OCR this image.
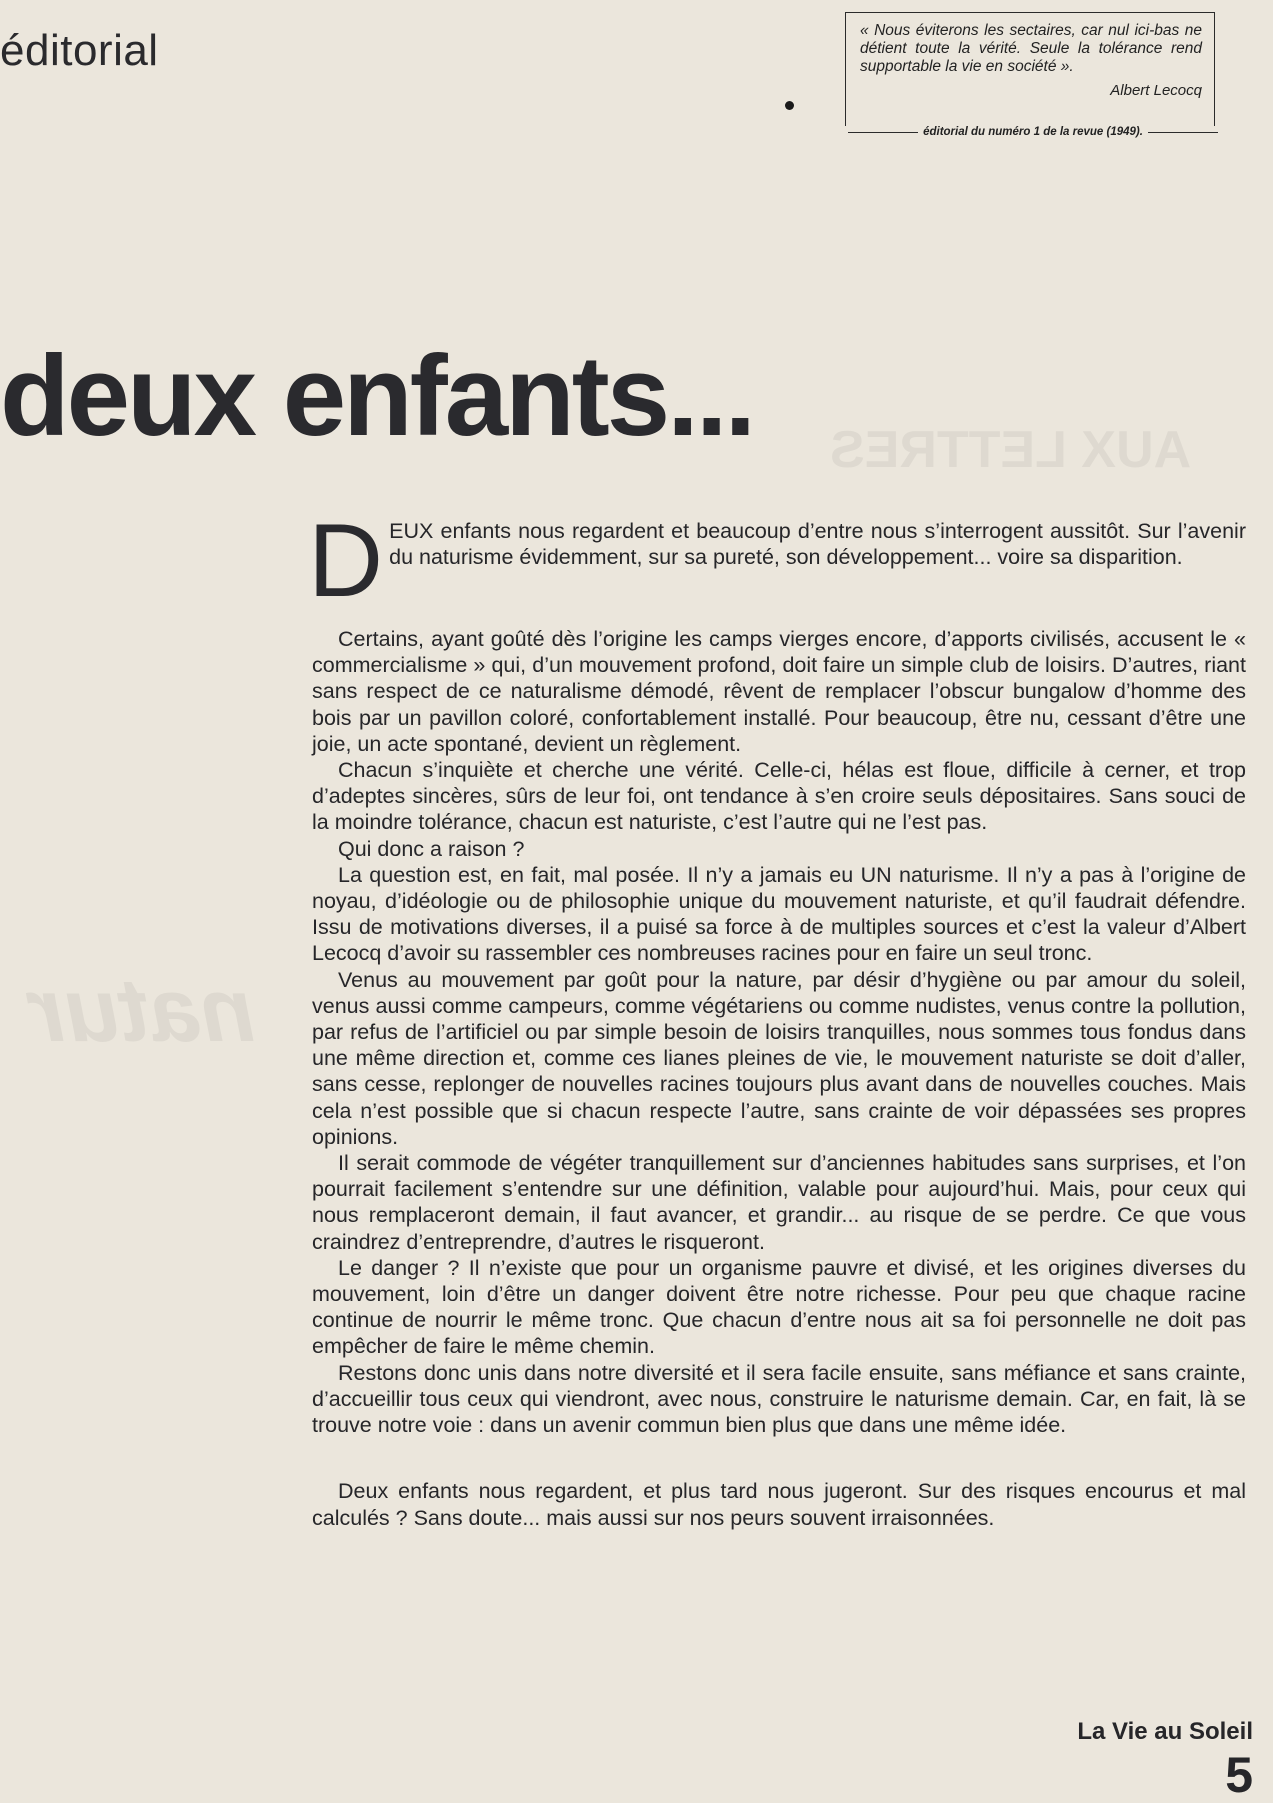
AUX LETTRES
natur
éditorial	« Nous éviterons les sectaires, car nul ici-bas ne détient toute la vérité. Seule la tolérance rend supportable la vie en société ».
Albert Lecocq
éditorial du numéro 1 de la revue (1949).
deux enfants...
D EUX enfants nous regardent et beaucoup d’entre nous s’interrogent aussitôt. Sur l’avenir du naturisme évidemment, sur sa pureté, son développement... voire sa disparition.

Certains, ayant goûté dès l’origine les camps vierges encore, d’apports civilisés, accusent le « commercialisme » qui, d’un mouvement profond, doit faire un simple club de loisirs. D’autres, riant sans respect de ce naturalisme démodé, rêvent de remplacer l’obscur bungalow d’homme des bois par un pavillon coloré, confortablement installé. Pour beaucoup, être nu, cessant d’être une joie, un acte spontané, devient un règlement.

Chacun s’inquiète et cherche une vérité. Celle-ci, hélas est floue, difficile à cerner, et trop d’adeptes sincères, sûrs de leur foi, ont tendance à s’en croire seuls dépositaires. Sans souci de la moindre tolérance, chacun est naturiste, c’est l’autre qui ne l’est pas.

Qui donc a raison ?

La question est, en fait, mal posée. Il n’y a jamais eu UN naturisme. Il n’y a pas à l’origine de noyau, d’idéologie ou de philosophie unique du mouvement naturiste, et qu’il faudrait défendre. Issu de motivations diverses, il a puisé sa force à de multiples sources et c’est la valeur d’Albert Lecocq d’avoir su rassembler ces nombreuses racines pour en faire un seul tronc.

Venus au mouvement par goût pour la nature, par désir d’hygiène ou par amour du soleil, venus aussi comme campeurs, comme végétariens ou comme nudistes, venus contre la pollution, par refus de l’artificiel ou par simple besoin de loisirs tranquilles, nous sommes tous fondus dans une même direction et, comme ces lianes pleines de vie, le mouvement naturiste se doit d’aller, sans cesse, replonger de nouvelles racines toujours plus avant dans de nouvelles couches. Mais cela n’est possible que si chacun respecte l’autre, sans crainte de voir dépassées ses propres opinions.

Il serait commode de végéter tranquillement sur d’anciennes habitudes sans surprises, et l’on pourrait facilement s’entendre sur une définition, valable pour aujourd’hui. Mais, pour ceux qui nous remplaceront demain, il faut avancer, et grandir... au risque de se perdre. Ce que vous craindrez d’entreprendre, d’autres le risqueront.

Le danger ? Il n’existe que pour un organisme pauvre et divisé, et les origines diverses du mouvement, loin d’être un danger doivent être notre richesse. Pour peu que chaque racine continue de nourrir le même tronc. Que chacun d’entre nous ait sa foi personnelle ne doit pas empêcher de faire le même chemin.

Restons donc unis dans notre diversité et il sera facile ensuite, sans méfiance et sans crainte, d’accueillir tous ceux qui viendront, avec nous, construire le naturisme demain. Car, en fait, là se trouve notre voie : dans un avenir commun bien plus que dans une même idée.

Deux enfants nous regardent, et plus tard nous jugeront. Sur des risques encourus et mal calculés ? Sans doute... mais aussi sur nos peurs souvent irraisonnées.

La Vie au Soleil
5
